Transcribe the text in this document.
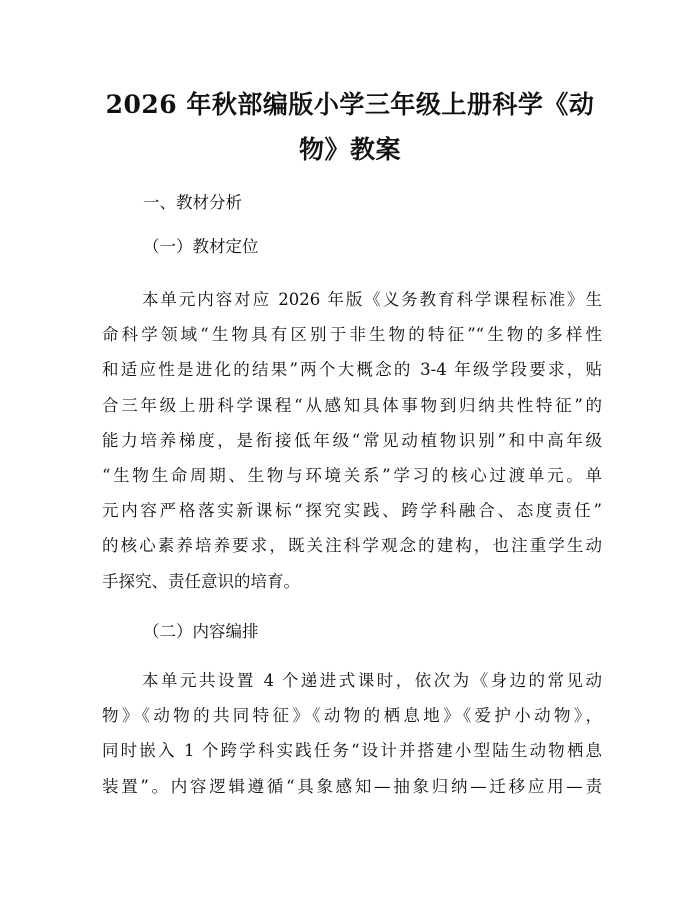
2026 年秋部编版小学三年级上册科学《动
物》教案
一、教材分析
（一）教材定位
本单元内容对应 2026 年版《义务教育科学课程标准》生
命科学领域“生物具有区别于非生物的特征”“生物的多样性
和适应性是进化的结果”两个大概念的 3-4 年级学段要求，贴
合三年级上册科学课程“从感知具体事物到归纳共性特征”的
能力培养梯度，是衔接低年级“常见动植物识别”和中高年级
“生物生命周期、生物与环境关系”学习的核心过渡单元。单
元内容严格落实新课标“探究实践、跨学科融合、态度责任”
的核心素养培养要求，既关注科学观念的建构，也注重学生动
手探究、责任意识的培育。
（二）内容编排
本单元共设置 4 个递进式课时，依次为《身边的常见动
物》《动物的共同特征》《动物的栖息地》《爱护小动物》，
同时嵌入 1 个跨学科实践任务“设计并搭建小型陆生动物栖息
装置”。内容逻辑遵循“具象感知—抽象归纳—迁移应用—责
